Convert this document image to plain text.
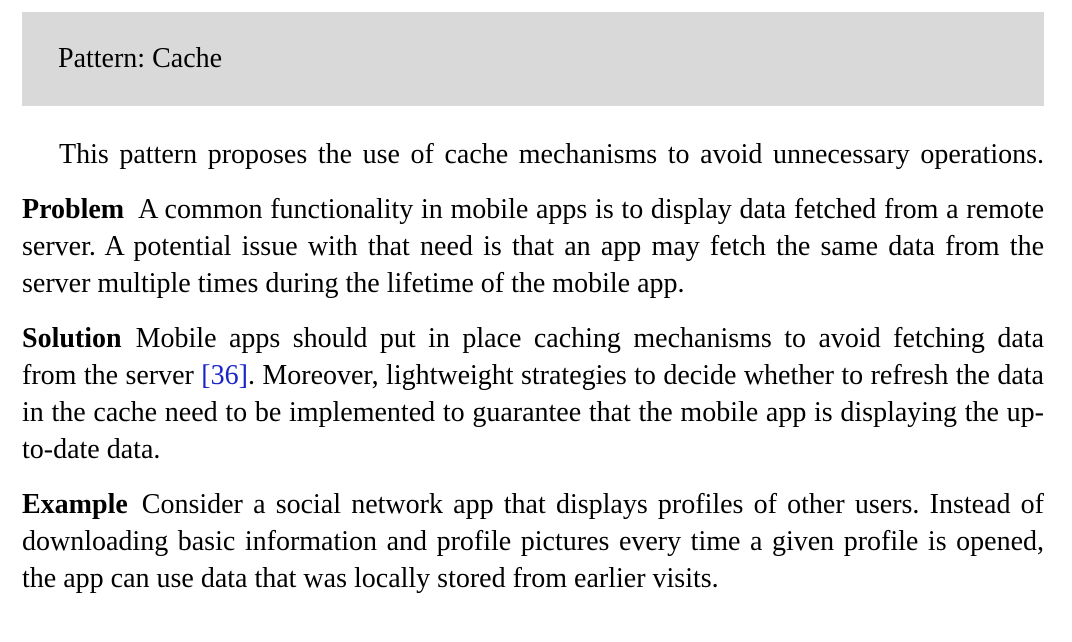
Pattern: Cache

This pattern proposes the use of cache mechanisms to avoid unnecessary operations.

Problem A common functionality in mobile apps is to display data fetched from a remote server. A potential issue with that need is that an app may fetch the same data from the server multiple times during the lifetime of the mobile app.

Solution Mobile apps should put in place caching mechanisms to avoid fetching data from the server [36]. Moreover, lightweight strategies to decide whether to refresh the data in the cache need to be implemented to guarantee that the mobile app is displaying the up-to-date data.

Example Consider a social network app that displays profiles of other users. Instead of downloading basic information and profile pictures every time a given profile is opened, the app can use data that was locally stored from earlier visits.
